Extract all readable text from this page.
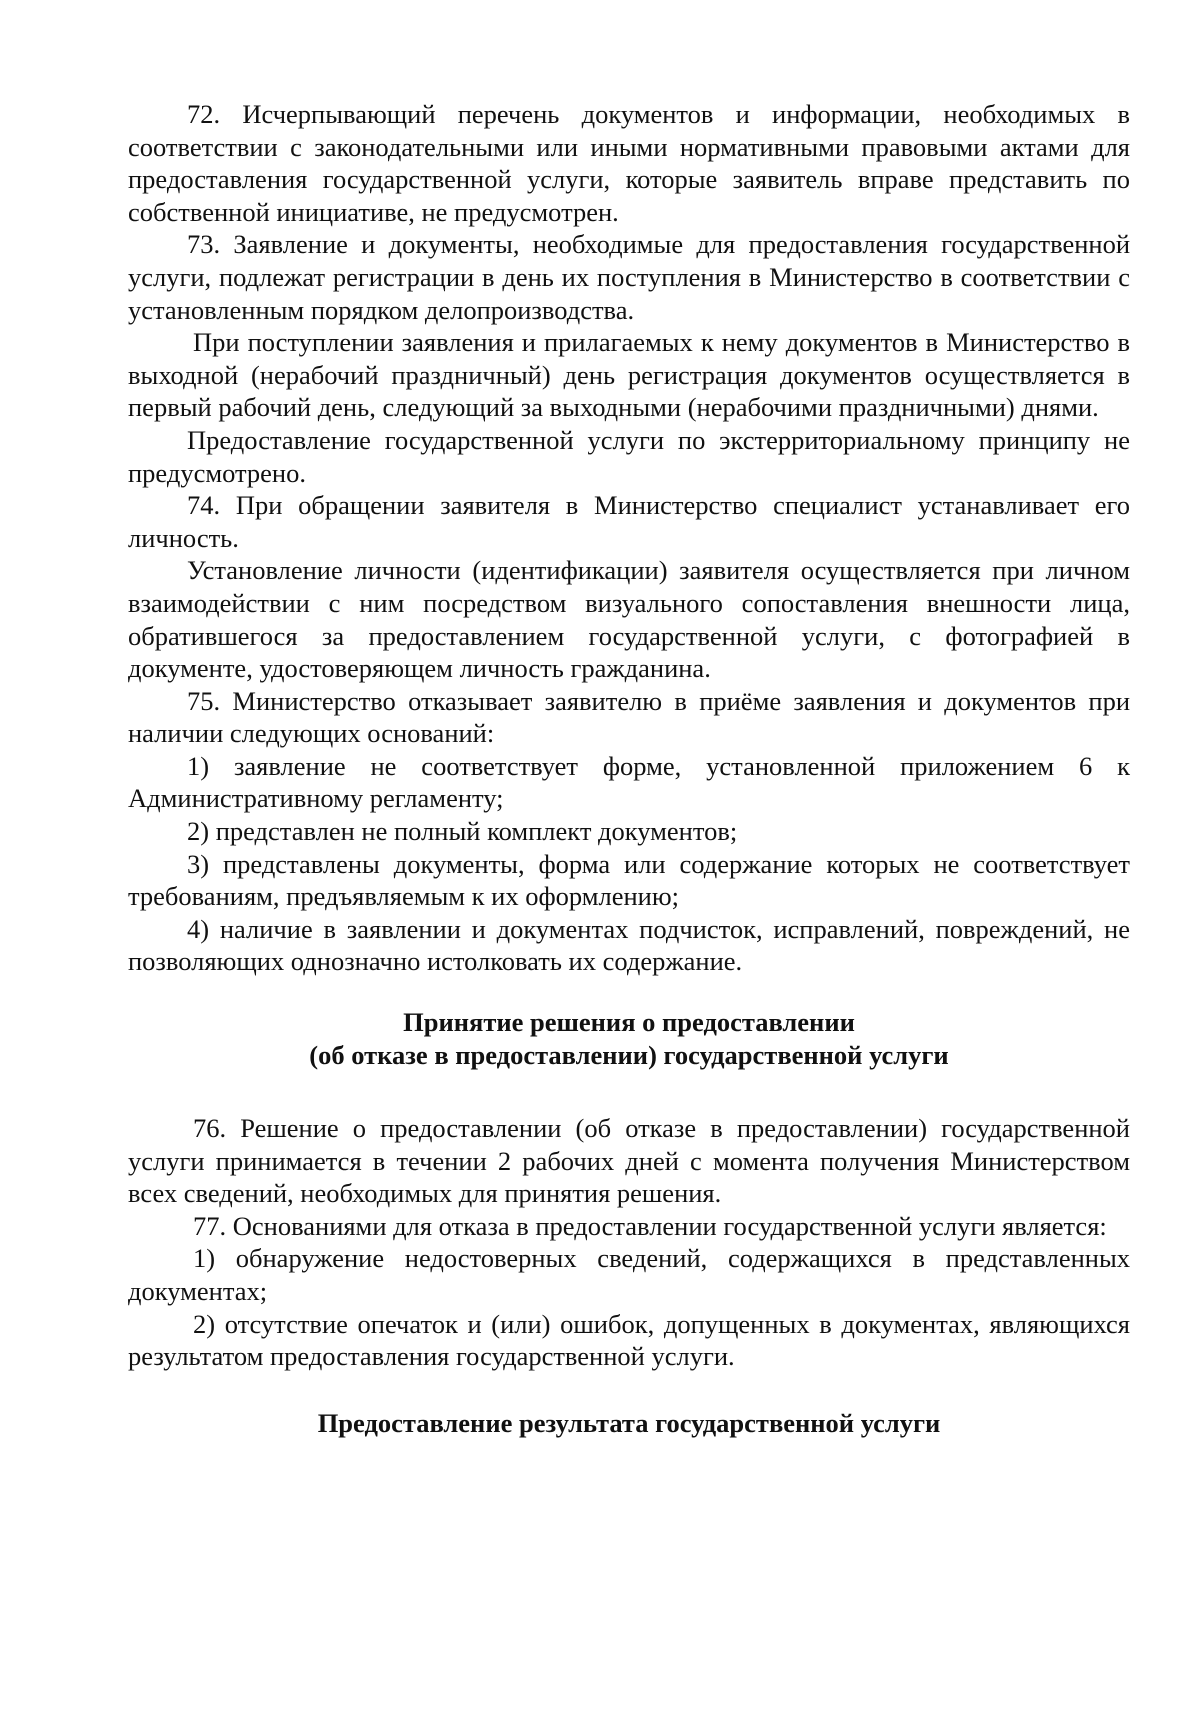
72. Исчерпывающий перечень документов и информации, необходимых в соответствии с законодательными или иными нормативными правовыми актами для предоставления государственной услуги, которые заявитель вправе представить по собственной инициативе, не предусмотрен.

73. Заявление и документы, необходимые для предоставления государственной услуги, подлежат регистрации в день их поступления в Министерство в соответствии с установленным порядком делопроизводства.

При поступлении заявления и прилагаемых к нему документов в Министерство в выходной (нерабочий праздничный) день регистрация документов осуществляется в первый рабочий день, следующий за выходными (нерабочими праздничными) днями.

Предоставление государственной услуги по экстерриториальному принципу не предусмотрено.

74. При обращении заявителя в Министерство специалист устанавливает его личность.

Установление личности (идентификации) заявителя осуществляется при личном взаимодействии с ним посредством визуального сопоставления внешности лица, обратившегося за предоставлением государственной услуги, с фотографией в документе, удостоверяющем личность гражданина.

75. Министерство отказывает заявителю в приёме заявления и документов при наличии следующих оснований:

1) заявление не соответствует форме, установленной приложением 6 к Административному регламенту;

2) представлен не полный комплект документов;

3) представлены документы, форма или содержание которых не соответствует требованиям, предъявляемым к их оформлению;

4) наличие в заявлении и документах подчисток, исправлений, повреждений, не позволяющих однозначно истолковать их содержание.

Принятие решения о предоставлении
(об отказе в предоставлении) государственной услуги

76. Решение о предоставлении (об отказе в предоставлении) государственной услуги принимается в течении 2 рабочих дней с момента получения Министерством всех сведений, необходимых для принятия решения.

77. Основаниями для отказа в предоставлении государственной услуги является:

1) обнаружение недостоверных сведений, содержащихся в представленных документах;

2) отсутствие опечаток и (или) ошибок, допущенных в документах, являющихся результатом предоставления государственной услуги.

Предоставление результата государственной услуги
